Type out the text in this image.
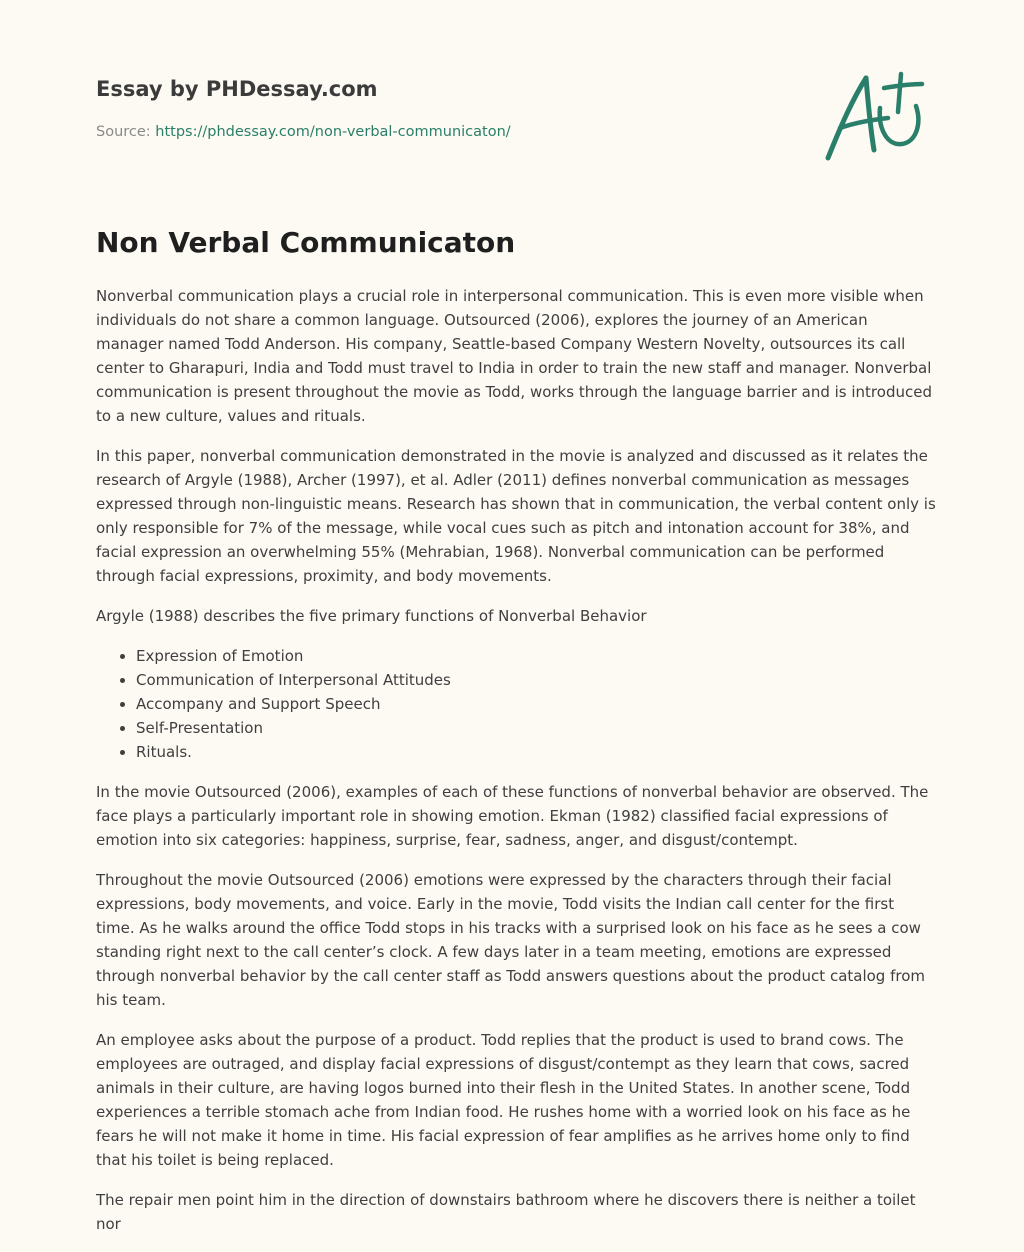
Essay by PHDessay.com
Source: https://phdessay.com/non-verbal-communicaton/
Non Verbal Communicaton

Nonverbal communication plays a crucial role in interpersonal communication. This is even more visible when individuals do not share a common language. Outsourced (2006), explores the journey of an American manager named Todd Anderson. His company, Seattle-based Company Western Novelty, outsources its call center to Gharapuri, India and Todd must travel to India in order to train the new staff and manager. Nonverbal communication is present throughout the movie as Todd, works through the language barrier and is introduced to a new culture, values and rituals.

In this paper, nonverbal communication demonstrated in the movie is analyzed and discussed as it relates the research of Argyle (1988), Archer (1997), et al. Adler (2011) defines nonverbal communication as messages expressed through non-linguistic means. Research has shown that in communication, the verbal content only is only responsible for 7% of the message, while vocal cues such as pitch and intonation account for 38%, and facial expression an overwhelming 55% (Mehrabian, 1968). Nonverbal communication can be performed through facial expressions, proximity, and body movements.

Argyle (1988) describes the five primary functions of Nonverbal Behavior

• Expression of Emotion
• Communication of Interpersonal Attitudes
• Accompany and Support Speech
• Self-Presentation
• Rituals.

In the movie Outsourced (2006), examples of each of these functions of nonverbal behavior are observed. The face plays a particularly important role in showing emotion. Ekman (1982) classified facial expressions of emotion into six categories: happiness, surprise, fear, sadness, anger, and disgust/contempt.

Throughout the movie Outsourced (2006) emotions were expressed by the characters through their facial expressions, body movements, and voice. Early in the movie, Todd visits the Indian call center for the first time. As he walks around the office Todd stops in his tracks with a surprised look on his face as he sees a cow standing right next to the call center’s clock. A few days later in a team meeting, emotions are expressed through nonverbal behavior by the call center staff as Todd answers questions about the product catalog from his team.

An employee asks about the purpose of a product. Todd replies that the product is used to brand cows. The employees are outraged, and display facial expressions of disgust/contempt as they learn that cows, sacred animals in their culture, are having logos burned into their flesh in the United States. In another scene, Todd experiences a terrible stomach ache from Indian food. He rushes home with a worried look on his face as he fears he will not make it home in time. His facial expression of fear amplifies as he arrives home only to find that his toilet is being replaced.

The repair men point him in the direction of downstairs bathroom where he discovers there is neither a toilet nor
